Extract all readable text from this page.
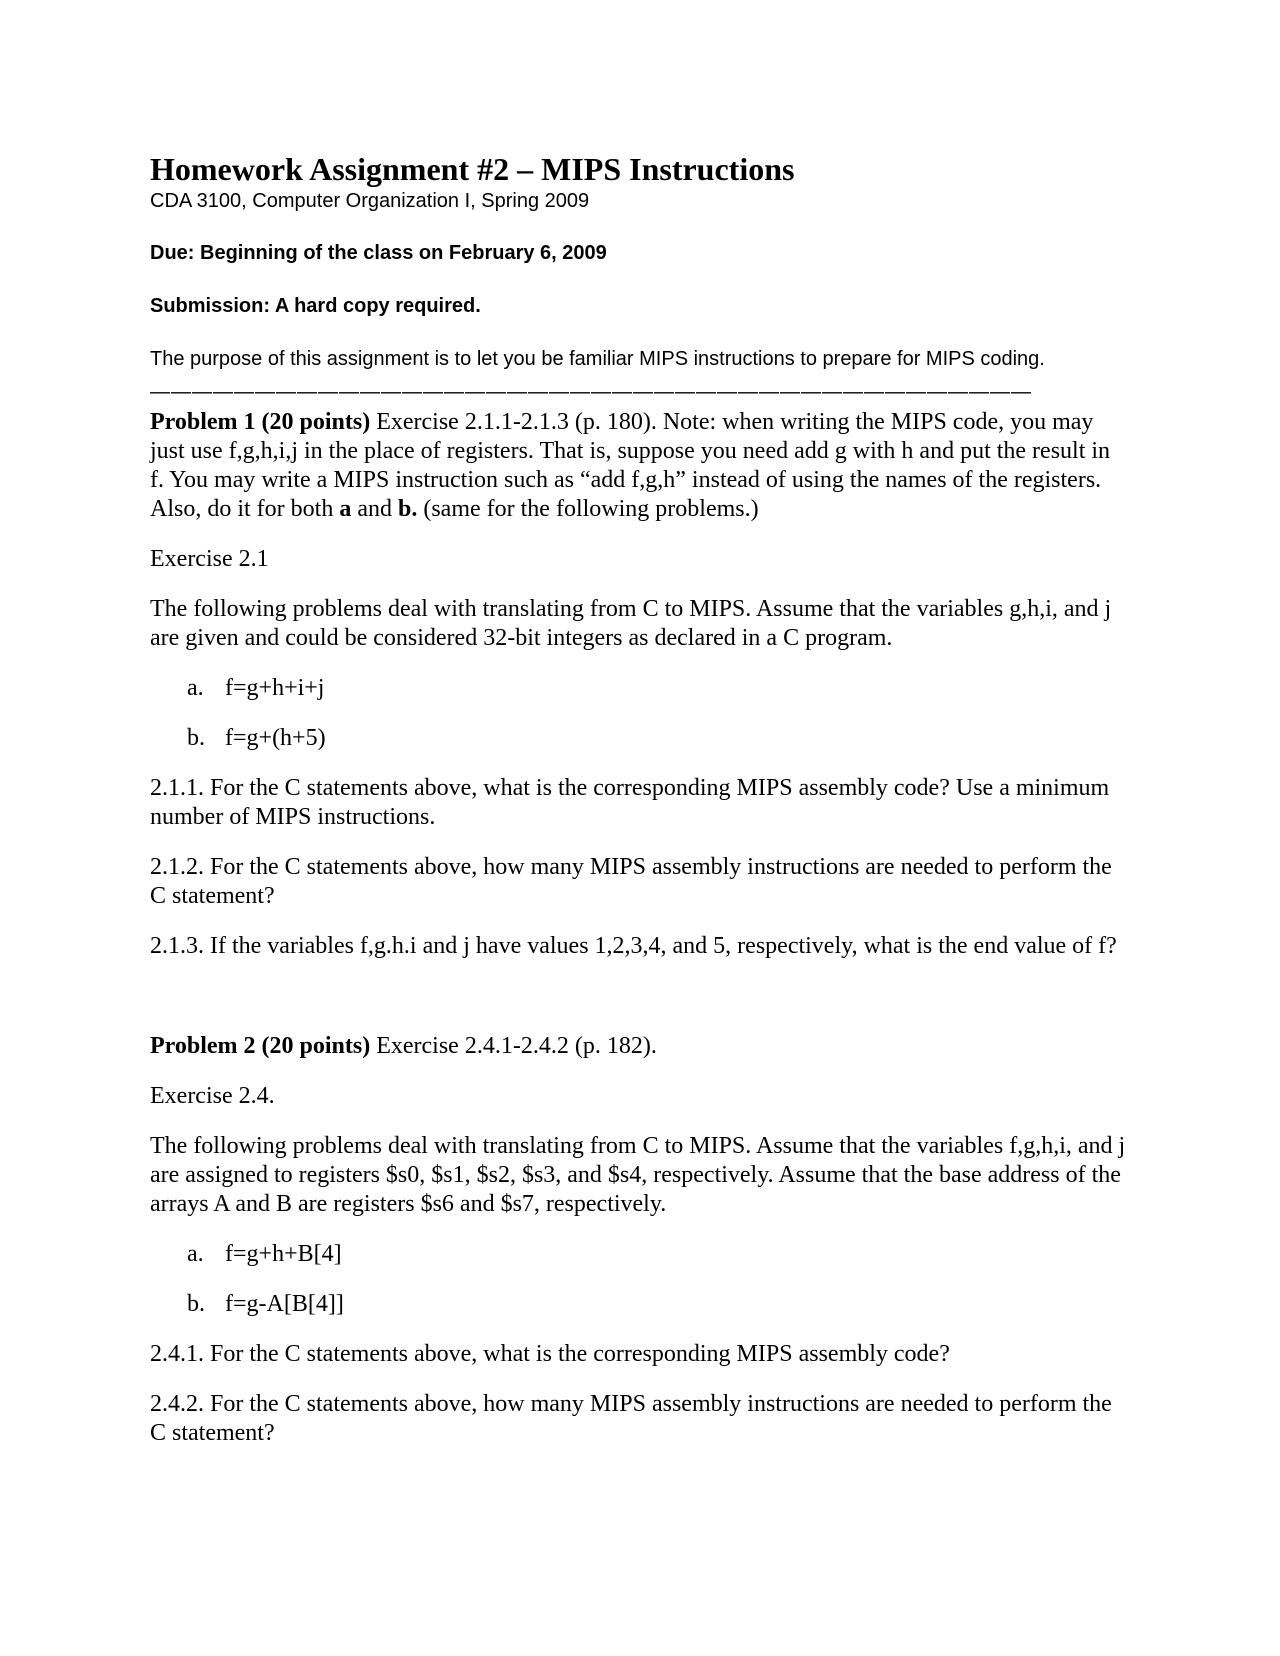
Homework Assignment #2 – MIPS Instructions

CDA 3100, Computer Organization I, Spring 2009

Due: Beginning of the class on February 6, 2009

Submission: A hard copy required.

The purpose of this assignment is to let you be familiar MIPS instructions to prepare for MIPS coding.

——————————————————————————————————————————

Problem 1 (20 points) Exercise 2.1.1-2.1.3 (p. 180). Note: when writing the MIPS code, you may just use f,g,h,i,j in the place of registers. That is, suppose you need add g with h and put the result in f. You may write a MIPS instruction such as “add f,g,h” instead of using the names of the registers. Also, do it for both a and b. (same for the following problems.)

Exercise 2.1

The following problems deal with translating from C to MIPS. Assume that the variables g,h,i, and j are given and could be considered 32-bit integers as declared in a C program.

a. f=g+h+i+j
b. f=g+(h+5)

2.1.1. For the C statements above, what is the corresponding MIPS assembly code? Use a minimum number of MIPS instructions.

2.1.2. For the C statements above, how many MIPS assembly instructions are needed to perform the C statement?

2.1.3. If the variables f,g.h.i and j have values 1,2,3,4, and 5, respectively, what is the end value of f?

Problem 2 (20 points) Exercise 2.4.1-2.4.2 (p. 182).

Exercise 2.4.

The following problems deal with translating from C to MIPS. Assume that the variables f,g,h,i, and j are assigned to registers $s0, $s1, $s2, $s3, and $s4, respectively. Assume that the base address of the arrays A and B are registers $s6 and $s7, respectively.

a. f=g+h+B[4]
b. f=g-A[B[4]]

2.4.1. For the C statements above, what is the corresponding MIPS assembly code?

2.4.2. For the C statements above, how many MIPS assembly instructions are needed to perform the C statement?
